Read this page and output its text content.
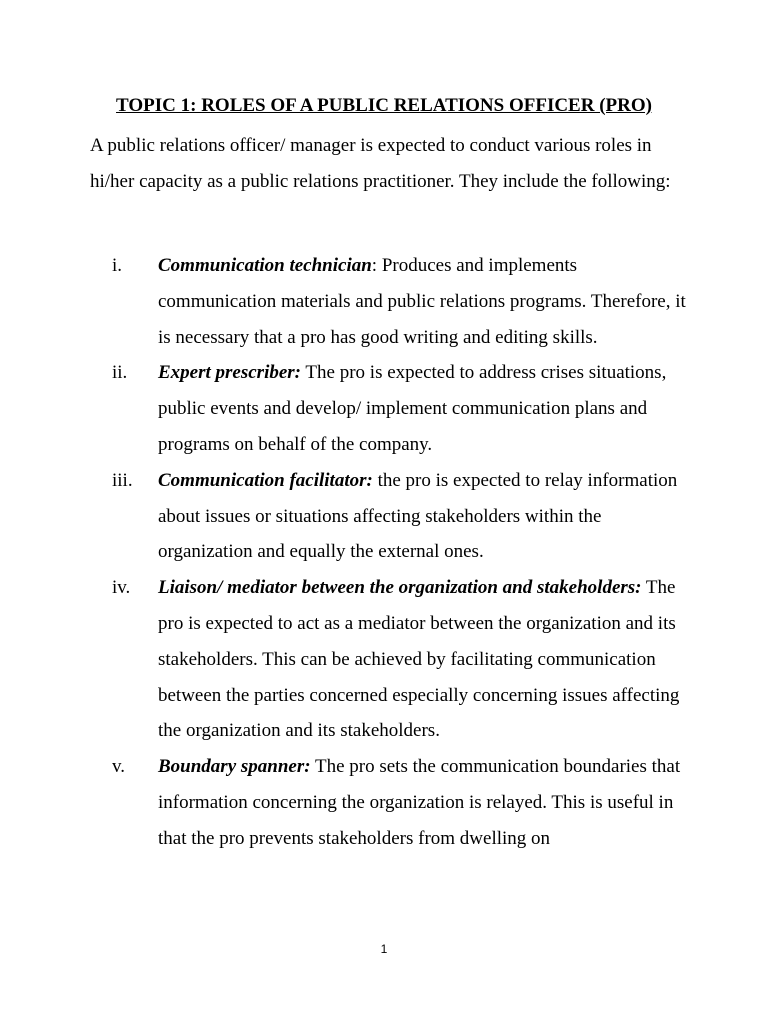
TOPIC 1: ROLES OF A PUBLIC RELATIONS OFFICER (PRO)

A public relations officer/ manager is expected to conduct various roles in hi/her capacity as a public relations practitioner. They include the following:

i. Communication technician: Produces and implements communication materials and public relations programs. Therefore, it is necessary that a pro has good writing and editing skills.
ii. Expert prescriber: The pro is expected to address crises situations, public events and develop/ implement communication plans and programs on behalf of the company.
iii. Communication facilitator: the pro is expected to relay information about issues or situations affecting stakeholders within the organization and equally the external ones.
iv. Liaison/ mediator between the organization and stakeholders: The pro is expected to act as a mediator between the organization and its stakeholders. This can be achieved by facilitating communication between the parties concerned especially concerning issues affecting the organization and its stakeholders.
v. Boundary spanner: The pro sets the communication boundaries that information concerning the organization is relayed. This is useful in that the pro prevents stakeholders from dwelling on
1
